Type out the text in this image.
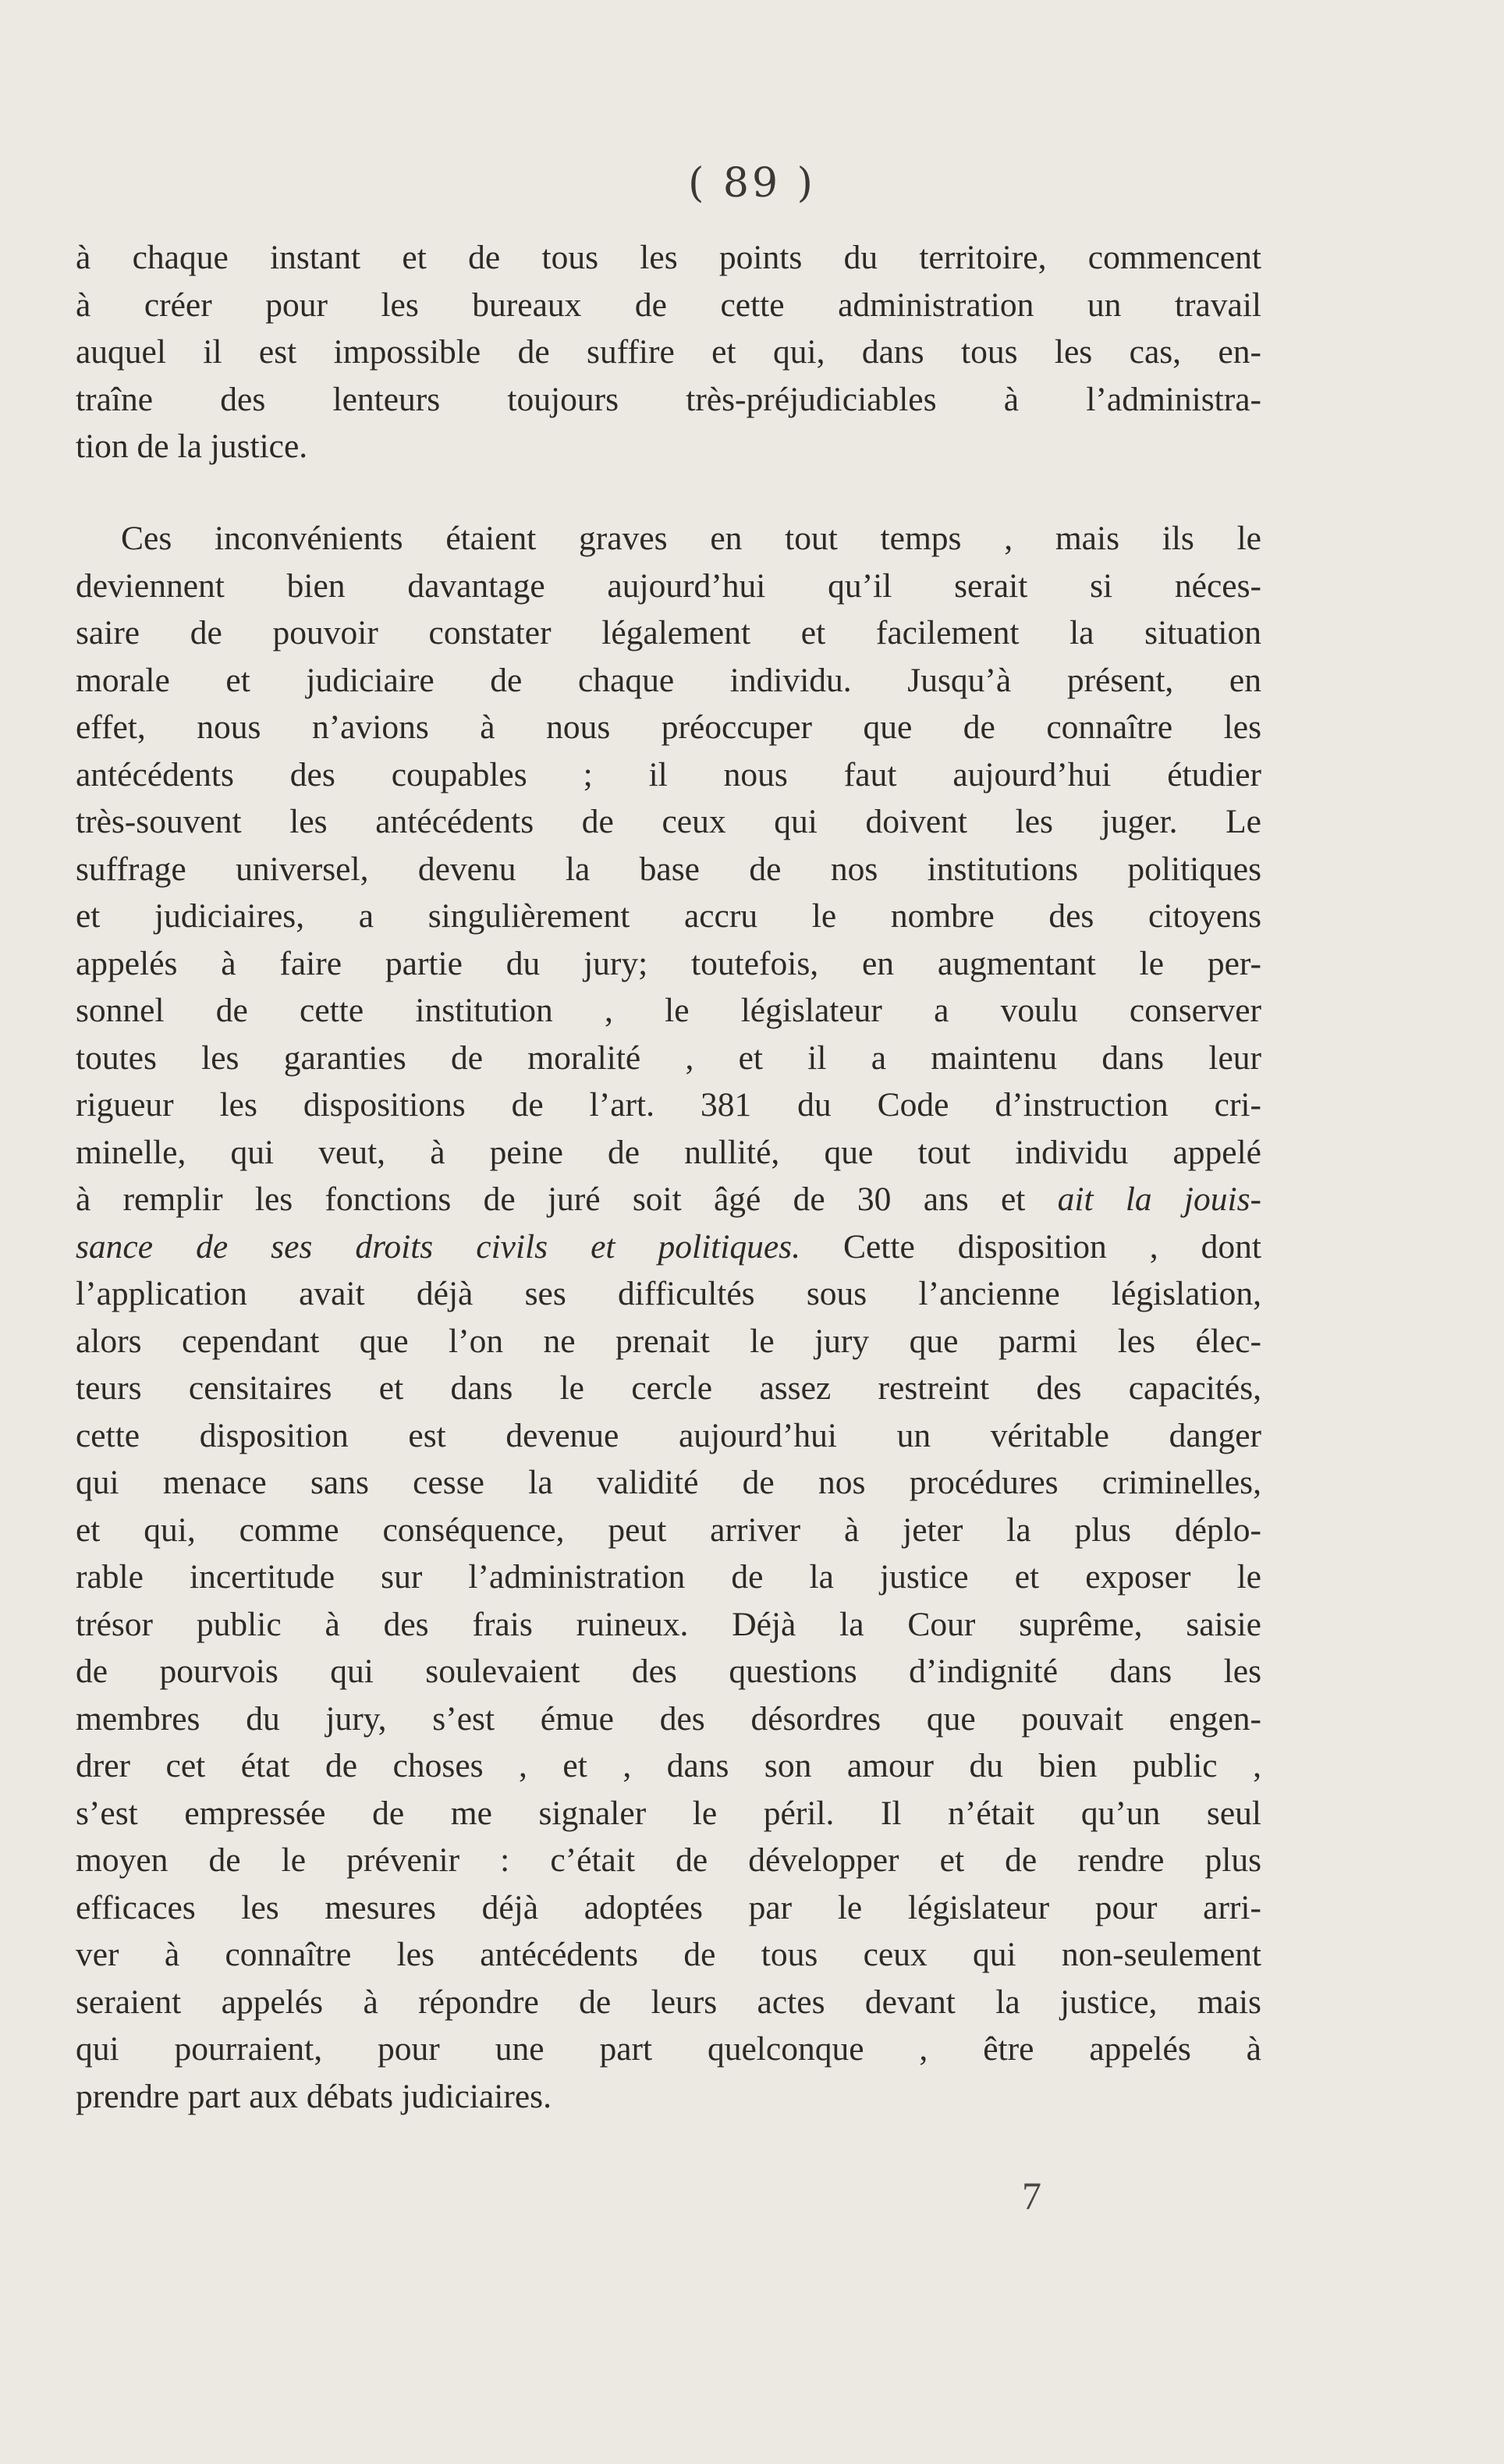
( 89 )
à chaque instant et de tous les points du territoire, commencent
à créer pour les bureaux de cette administration un travail
auquel il est impossible de suffire et qui, dans tous les cas, en-
traîne des lenteurs toujours très-préjudiciables à l’administra-
tion de la justice.
Ces inconvénients étaient graves en tout temps , mais ils le
deviennent bien davantage aujourd’hui qu’il serait si néces-
saire de pouvoir constater légalement et facilement la situation
morale et judiciaire de chaque individu. Jusqu’à présent, en
effet, nous n’avions à nous préoccuper que de connaître les
antécédents des coupables ; il nous faut aujourd’hui étudier
très-souvent les antécédents de ceux qui doivent les juger. Le
suffrage universel, devenu la base de nos institutions politiques
et judiciaires, a singulièrement accru le nombre des citoyens
appelés à faire partie du jury; toutefois, en augmentant le per-
sonnel de cette institution , le législateur a voulu conserver
toutes les garanties de moralité , et il a maintenu dans leur
rigueur les dispositions de l’art. 381 du Code d’instruction cri-
minelle, qui veut, à peine de nullité, que tout individu appelé
à remplir les fonctions de juré soit âgé de 30 ans et ait la jouis-
sance de ses droits civils et politiques. Cette disposition , dont
l’application avait déjà ses difficultés sous l’ancienne législation,
alors cependant que l’on ne prenait le jury que parmi les élec-
teurs censitaires et dans le cercle assez restreint des capacités,
cette disposition est devenue aujourd’hui un véritable danger
qui menace sans cesse la validité de nos procédures criminelles,
et qui, comme conséquence, peut arriver à jeter la plus déplo-
rable incertitude sur l’administration de la justice et exposer le
trésor public à des frais ruineux. Déjà la Cour suprême, saisie
de pourvois qui soulevaient des questions d’indignité dans les
membres du jury, s’est émue des désordres que pouvait engen-
drer cet état de choses , et , dans son amour du bien public ,
s’est empressée de me signaler le péril. Il n’était qu’un seul
moyen de le prévenir : c’était de développer et de rendre plus
efficaces les mesures déjà adoptées par le législateur pour arri-
ver à connaître les antécédents de tous ceux qui non-seulement
seraient appelés à répondre de leurs actes devant la justice, mais
qui pourraient, pour une part quelconque , être appelés à
prendre part aux débats judiciaires.
7
